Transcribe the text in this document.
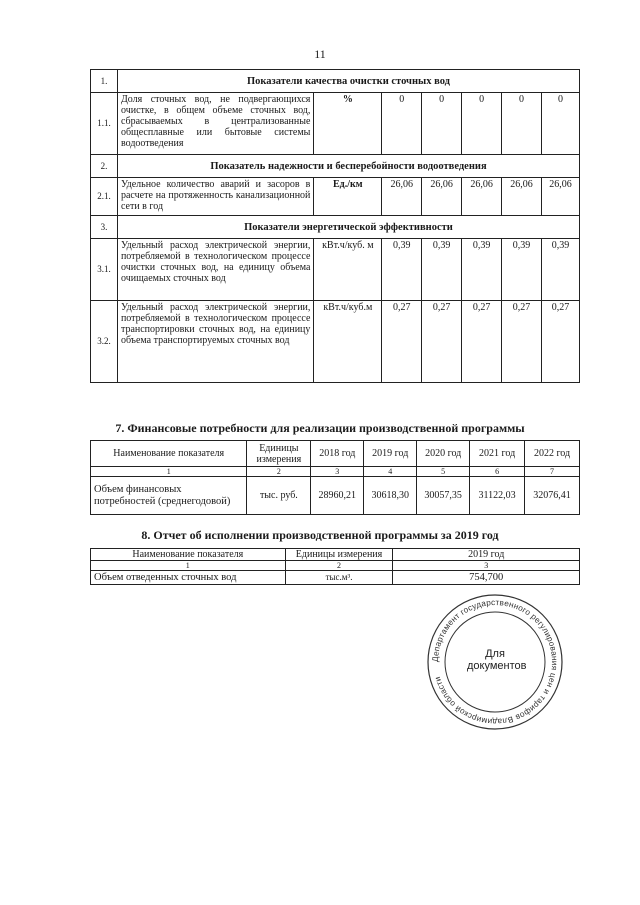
11
1.	Показатели качества очистки сточных вод						
1.1.	Доля сточных вод, не подвергающихся очистке, в общем объеме сточных вод, сбрасываемых в централизованные общесплавные или бытовые системы водоотведения	%	0	0	0	0	0
2.	Показатель надежности и бесперебойности водоотведения						
2.1.	Удельное количество аварий и засоров в расчете на протяженность канализационной сети в год	Ед./км	26,06	26,06	26,06	26,06	26,06
3.	Показатели энергетической эффективности						
3.1.	Удельный расход электрической энергии, потребляемой в технологическом процессе очистки сточных вод, на единицу объема очищаемых сточных вод	кВт.ч/куб. м	0,39	0,39	0,39	0,39	0,39
3.2.	Удельный расход электрической энергии, потребляемой в технологическом процессе транспортировки сточных вод, на единицу объема транспортируемых сточных вод	кВт.ч/куб.м	0,27	0,27	0,27	0,27	0,27
7. Финансовые потребности для реализации производственной программы
Наименование показателя	Единицы измерения	2018 год	2019 год	2020 год	2021 год	2022 год
1	2	3	4	5	6	7
Объем финансовых потребностей (среднегодовой)	тыс. руб.	28960,21	30618,30	30057,35	31122,03	32076,41
8. Отчет об исполнении производственной программы за 2019 год
Наименование показателя	Единицы измерения	2019 год
1	2	3
Объем отведенных сточных вод	тыс.м³.	754,700
Департамент государственного регулирования цен и тарифов Владимирской области
Для документов
